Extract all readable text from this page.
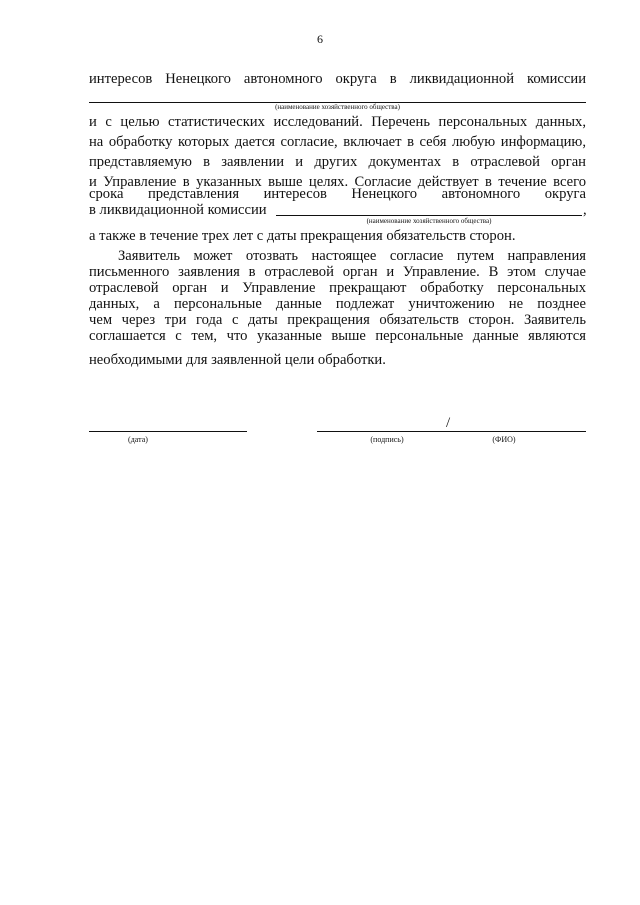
6
интересов Ненецкого автономного округа в ликвидационной комиссии
(наименование хозяйственного общества)
и с целью статистических исследований. Перечень персональных данных,
на обработку которых дается согласие, включает в себя любую информацию,
представляемую в заявлении и других документах в отраслевой орган
и Управление в указанных выше целях. Согласие действует в течение всего
срока представления интересов Ненецкого автономного округа
в ликвидационной комиссии	,
(наименование хозяйственного общества)
а также в течение трех лет с даты прекращения обязательств сторон.
Заявитель может отозвать настоящее согласие путем направления
письменного заявления в отраслевой орган и Управление. В этом случае
отраслевой орган и Управление прекращают обработку персональных
данных, а персональные данные подлежат уничтожению не позднее
чем через три года с даты прекращения обязательств сторон. Заявитель
соглашается с тем, что указанные выше персональные данные являются
необходимыми для заявленной цели обработки.
(дата)
/
(подпись)	(ФИО)
